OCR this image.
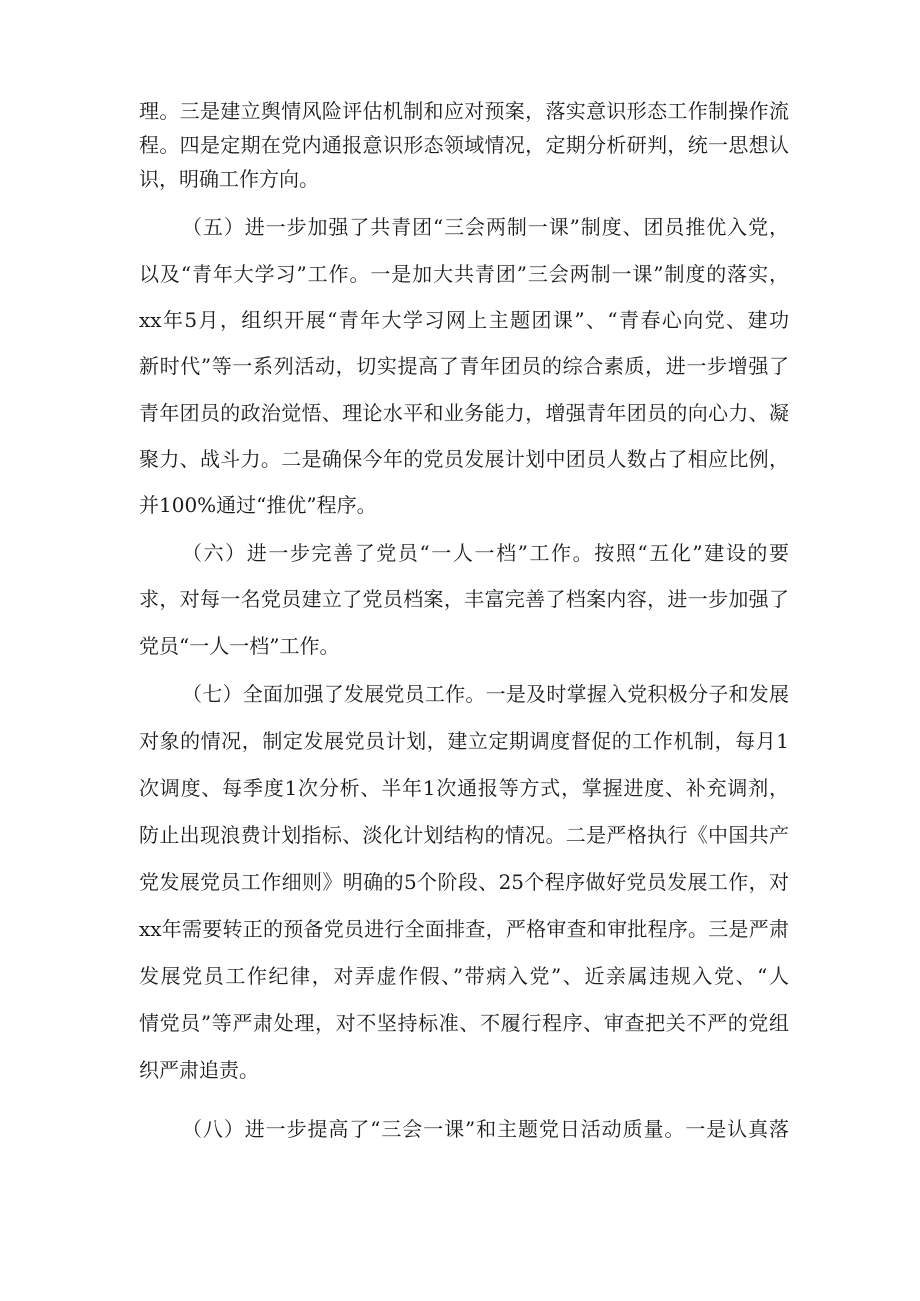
理。三是建立舆情风险评估机制和应对预案，落实意识形态工作制操作流

程。四是定期在党内通报意识形态领域情况，定期分析研判，统一思想认

识，明确工作方向。

（五）进一步加强了共青团“三会两制一课”制度、团员推优入党，

以及“青年大学习”工作。一是加大共青团”三会两制一课”制度的落实，

xx年5月，组织开展“青年大学习网上主题团课”、“青春心向党、建功

新时代”等一系列活动，切实提高了青年团员的综合素质，进一步增强了

青年团员的政治觉悟、理论水平和业务能力，增强青年团员的向心力、凝

聚力、战斗力。二是确保今年的党员发展计划中团员人数占了相应比例，

并100%通过“推优”程序。

（六）进一步完善了党员“一人一档”工作。按照“五化”建设的要

求，对每一名党员建立了党员档案，丰富完善了档案内容，进一步加强了

党员“一人一档”工作。

（七）全面加强了发展党员工作。一是及时掌握入党积极分子和发展

对象的情况，制定发展党员计划，建立定期调度督促的工作机制，每月1

次调度、每季度1次分析、半年1次通报等方式，掌握进度、补充调剂，

防止出现浪费计划指标、淡化计划结构的情况。二是严格执行《中国共产

党发展党员工作细则》明确的5个阶段、25个程序做好党员发展工作，对

xx年需要转正的预备党员进行全面排查，严格审查和审批程序。三是严肃

发展党员工作纪律，对弄虚作假、”带病入党”、近亲属违规入党、“人

情党员”等严肃处理，对不坚持标准、不履行程序、审查把关不严的党组

织严肃追责。

（八）进一步提高了“三会一课”和主题党日活动质量。一是认真落
